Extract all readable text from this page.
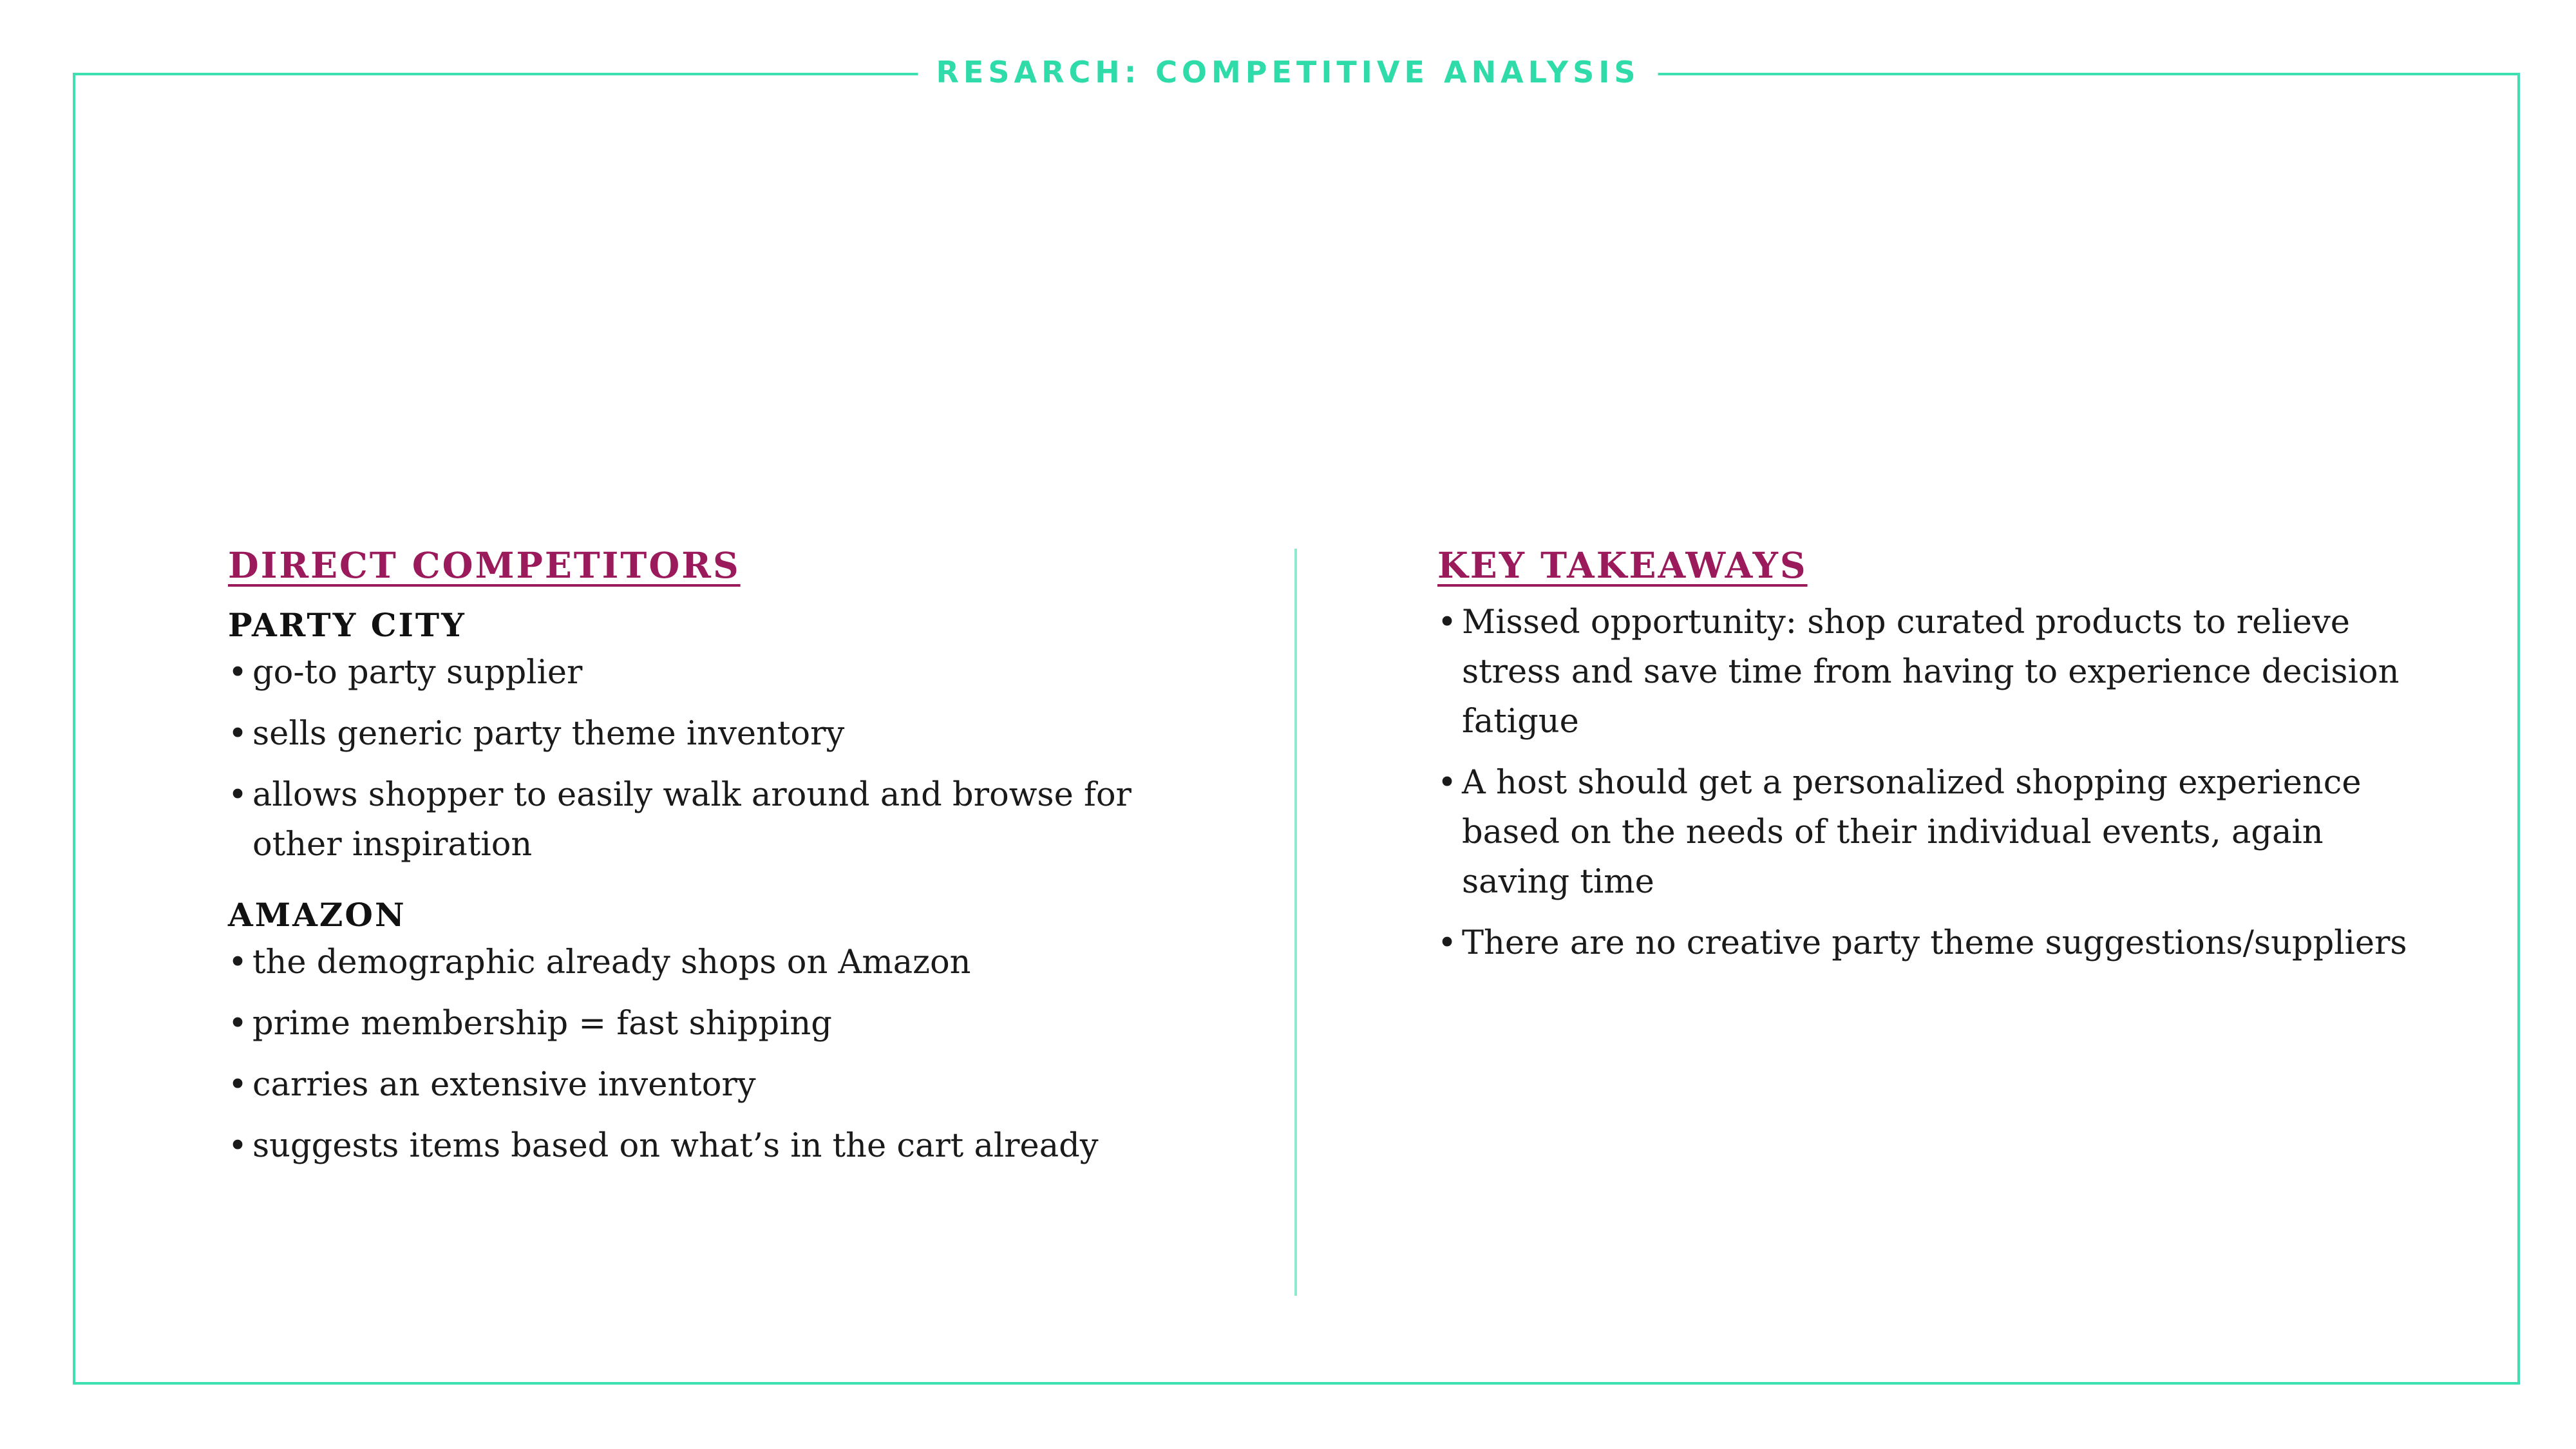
RESARCH: COMPETITIVE ANALYSIS
DIRECT COMPETITORS
PARTY CITY
• go-to party supplier
• sells generic party theme inventory
• allows shopper to easily walk around and browse for other inspiration
AMAZON
• the demographic already shops on Amazon
• prime membership = fast shipping
• carries an extensive inventory
• suggests items based on what’s in the cart already
KEY TAKEAWAYS
• Missed opportunity: shop curated products to relieve stress and save time from having to experience decision fatigue
• A host should get a personalized shopping experience based on the needs of their individual events, again saving time
• There are no creative party theme suggestions/suppliers
